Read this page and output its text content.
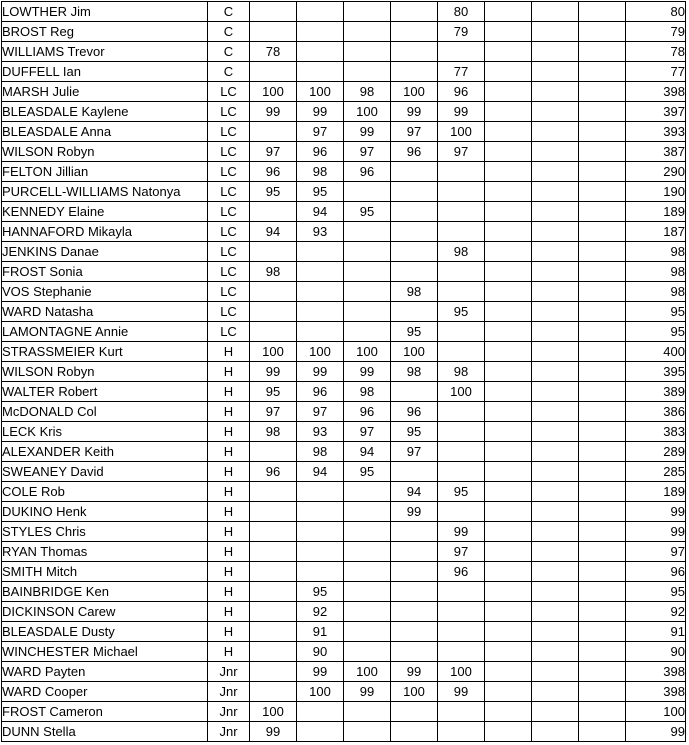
LOWTHER Jim	C					80				80
BROST Reg	C					79				79
WILLIAMS Trevor	C	78								78
DUFFELL Ian	C					77				77
MARSH Julie	LC	100	100	98	100	96				398
BLEASDALE Kaylene	LC	99	99	100	99	99				397
BLEASDALE Anna	LC		97	99	97	100				393
WILSON Robyn	LC	97	96	97	96	97				387
FELTON Jillian	LC	96	98	96						290
PURCELL-WILLIAMS Natonya	LC	95	95							190
KENNEDY Elaine	LC		94	95						189
HANNAFORD Mikayla	LC	94	93							187
JENKINS Danae	LC					98				98
FROST Sonia	LC	98								98
VOS Stephanie	LC				98					98
WARD Natasha	LC					95				95
LAMONTAGNE Annie	LC				95					95
STRASSMEIER Kurt	H	100	100	100	100					400
WILSON Robyn	H	99	99	99	98	98				395
WALTER Robert	H	95	96	98		100				389
McDONALD Col	H	97	97	96	96					386
LECK Kris	H	98	93	97	95					383
ALEXANDER Keith	H		98	94	97					289
SWEANEY David	H	96	94	95						285
COLE Rob	H				94	95				189
DUKINO Henk	H				99					99
STYLES Chris	H					99				99
RYAN Thomas	H					97				97
SMITH Mitch	H					96				96
BAINBRIDGE Ken	H		95							95
DICKINSON Carew	H		92							92
BLEASDALE Dusty	H		91							91
WINCHESTER Michael	H		90							90
WARD Payten	Jnr		99	100	99	100				398
WARD Cooper	Jnr		100	99	100	99				398
FROST Cameron	Jnr	100								100
DUNN Stella	Jnr	99								99
